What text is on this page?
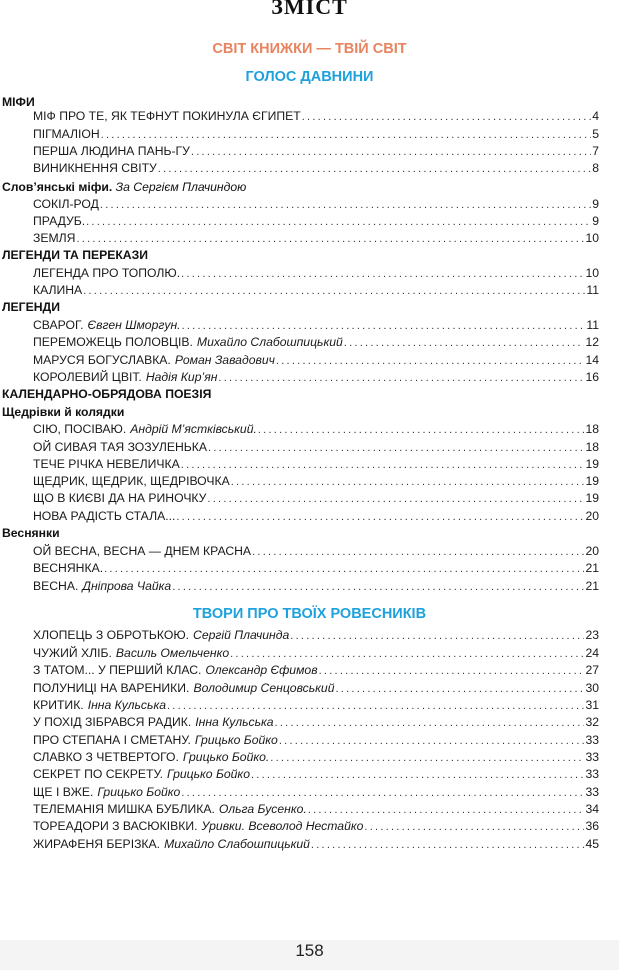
ЗМІСТ
СВІТ КНИЖКИ — ТВІЙ СВІТ
ГОЛОС ДАВНИНИ
ТВОРИ ПРО ТВОЇХ РОВЕСНИКІВ
МІФИ
Слов’янські міфи. За Сергієм Плачиндою
ЛЕГЕНДИ ТА ПЕРЕКАЗИ
ЛЕГЕНДИ
КАЛЕНДАРНО-ОБРЯДОВА ПОЕЗІЯ
Щедрівки й колядки
Веснянки
МІФ ПРО ТЕ, ЯК ТЕФНУТ ПОКИНУЛА ЄГИПЕТ . . .	4
ПІГМАЛІОН . . .	5
ПЕРША ЛЮДИНА ПАНЬ-ГУ . . .	7
ВИНИКНЕННЯ СВІТУ . . .	8
СОКІЛ-РОД . . .	9
ПРАДУБ. . . .	9
ЗЕМЛЯ . . .	10
ЛЕГЕНДА ПРО ТОПОЛЮ. . . .	10
КАЛИНА . . .	11
СВАРОГ. Євген Шморгун. . . .	11
ПЕРЕМОЖЕЦЬ ПОЛОВЦІВ. Михайло Слабошпицький . . .	12
МАРУСЯ БОГУСЛАВКА. Роман Завадович . . .	14
КОРОЛЕВИЙ ЦВІТ. Надія Кир’ян . . .	16
СІЮ, ПОСІВАЮ. Андрій М’ястківський. . . .	18
ОЙ СИВАЯ ТАЯ ЗОЗУЛЕНЬКА . . .	18
ТЕЧЕ РІЧКА НЕВЕЛИЧКА . . .	19
ЩЕДРИК, ЩЕДРИК, ЩЕДРІВОЧКА . . .	19
ЩО В КИЄВІ ДА НА РИНОЧКУ . . .	19
НОВА РАДІСТЬ СТАЛА... . . .	20
ОЙ ВЕСНА, ВЕСНА — ДНЕМ КРАСНА . . .	20
ВЕСНЯНКА. . . .	21
ВЕСНА. Дніпрова Чайка . . .	21
ХЛОПЕЦЬ З ОБРОТЬКОЮ. Сергій Плачинда . . .	23
ЧУЖИЙ ХЛІБ. Василь Омельченко . . .	24
З ТАТОМ... У ПЕРШИЙ КЛАС. Олександр Єфимов . . .	27
ПОЛУНИЦІ НА ВАРЕНИКИ. Володимир Сенцовський . . .	30
КРИТИК. Інна Кульська . . .	31
У ПОХІД ЗІБРАВСЯ РАДИК. Інна Кульська . . .	32
ПРО СТЕПАНА І СМЕТАНУ. Грицько Бойко . . .	33
СЛАВКО З ЧЕТВЕРТОГО. Грицько Бойко. . . .	33
СЕКРЕТ ПО СЕКРЕТУ. Грицько Бойко . . .	33
ЩЕ І ВЖЕ. Грицько Бойко . . .	33
ТЕЛЕМАНІЯ МИШКА БУБЛИКА. Ольга Бусенко. . . .	34
ТОРЕАДОРИ З ВАСЮКІВКИ. Уривки. Всеволод Нестайко . . .	36
ЖИРАФЕНЯ БЕРІЗКА. Михайло Слабошпицький . . .	45
158
